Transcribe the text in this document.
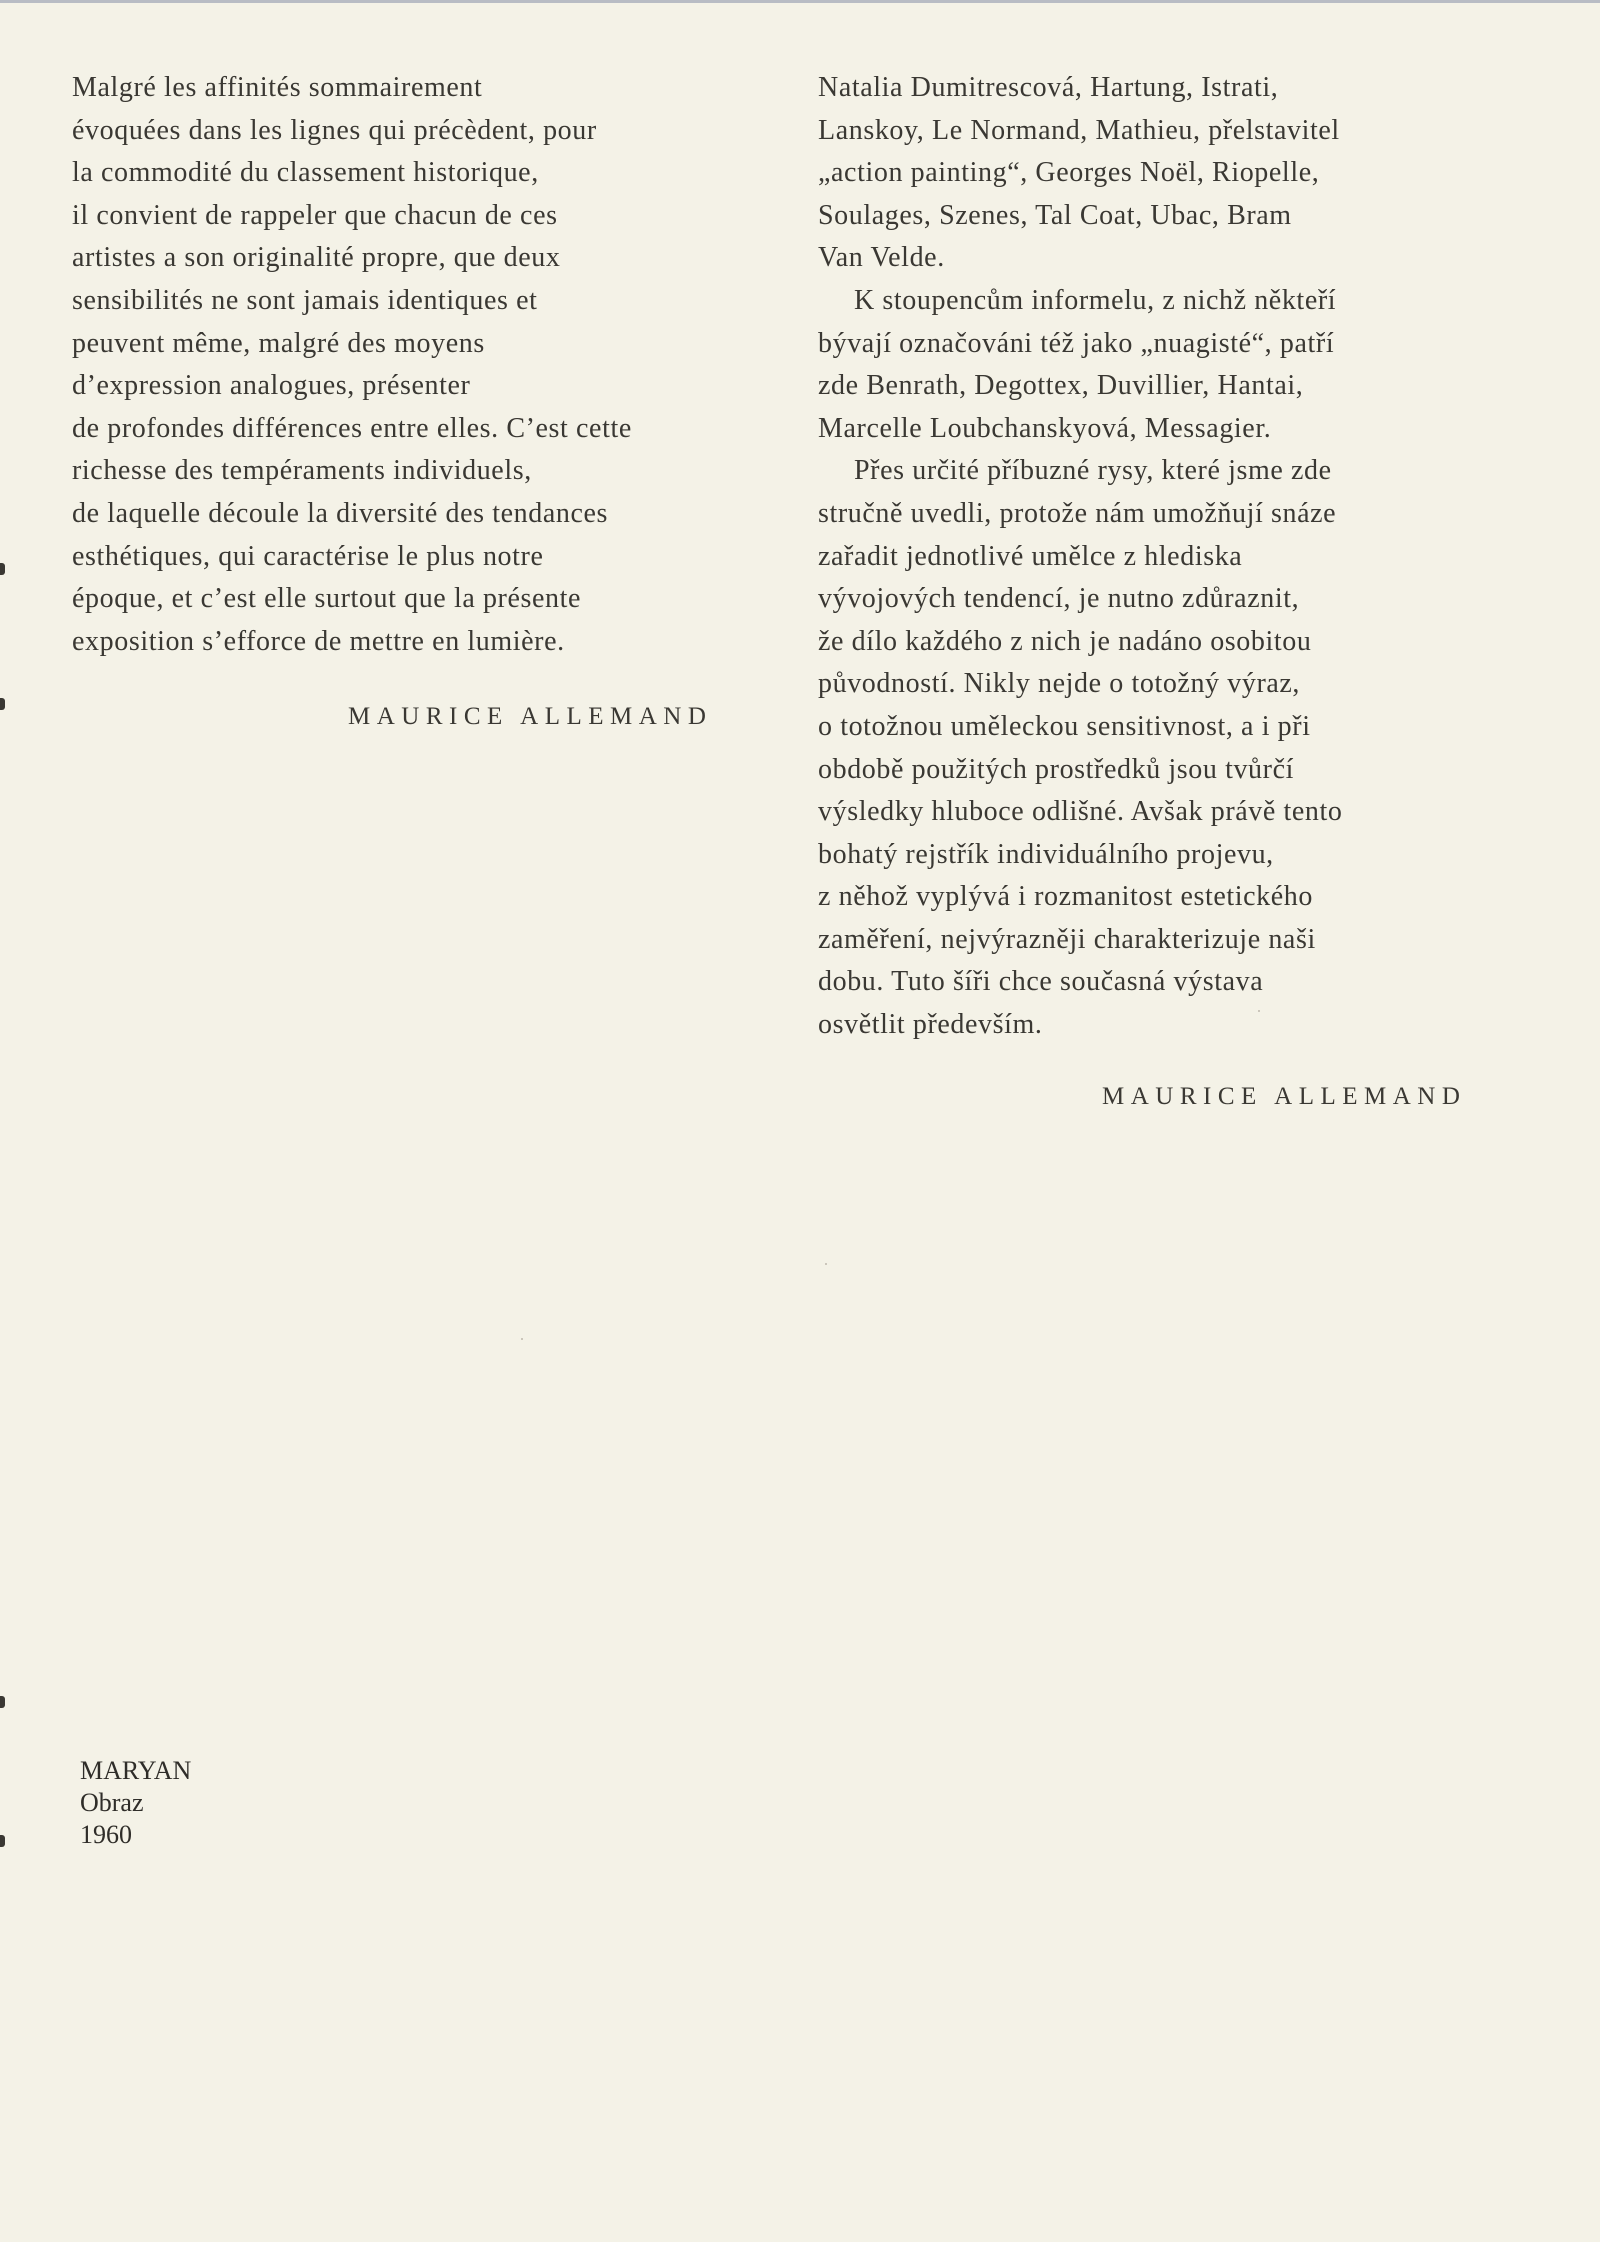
Malgré les affinités sommairement
évoquées dans les lignes qui précèdent, pour
la commodité du classement historique,
il convient de rappeler que chacun de ces
artistes a son originalité propre, que deux
sensibilités ne sont jamais identiques et
peuvent même, malgré des moyens
d’expression analogues, présenter
de profondes différences entre elles. C’est cette
richesse des tempéraments individuels,
de laquelle découle la diversité des tendances
esthétiques, qui caractérise le plus notre
époque, et c’est elle surtout que la présente
exposition s’efforce de mettre en lumière.
MAURICE ALLEMAND
Natalia Dumitrescová, Hartung, Istrati,
Lanskoy, Le Normand, Mathieu, přelstavitel
„action painting“, Georges Noël, Riopelle,
Soulages, Szenes, Tal Coat, Ubac, Bram
Van Velde.
K stoupencům informelu, z nichž někteří
bývají označováni též jako „nuagisté“, patří
zde Benrath, Degottex, Duvillier, Hantai,
Marcelle Loubchanskyová, Messagier.
Přes určité příbuzné rysy, které jsme zde
stručně uvedli, protože nám umožňují snáze
zařadit jednotlivé umělce z hlediska
vývojových tendencí, je nutno zdůraznit,
že dílo každého z nich je nadáno osobitou
původností. Nikly nejde o totožný výraz,
o totožnou uměleckou sensitivnost, a i při
obdobě použitých prostředků jsou tvůrčí
výsledky hluboce odlišné. Avšak právě tento
bohatý rejstřík individuálního projevu,
z něhož vyplývá i rozmanitost estetického
zaměření, nejvýrazněji charakterizuje naši
dobu. Tuto šíři chce současná výstava
osvětlit především.
MAURICE ALLEMAND
MARYAN
Obraz
1960
